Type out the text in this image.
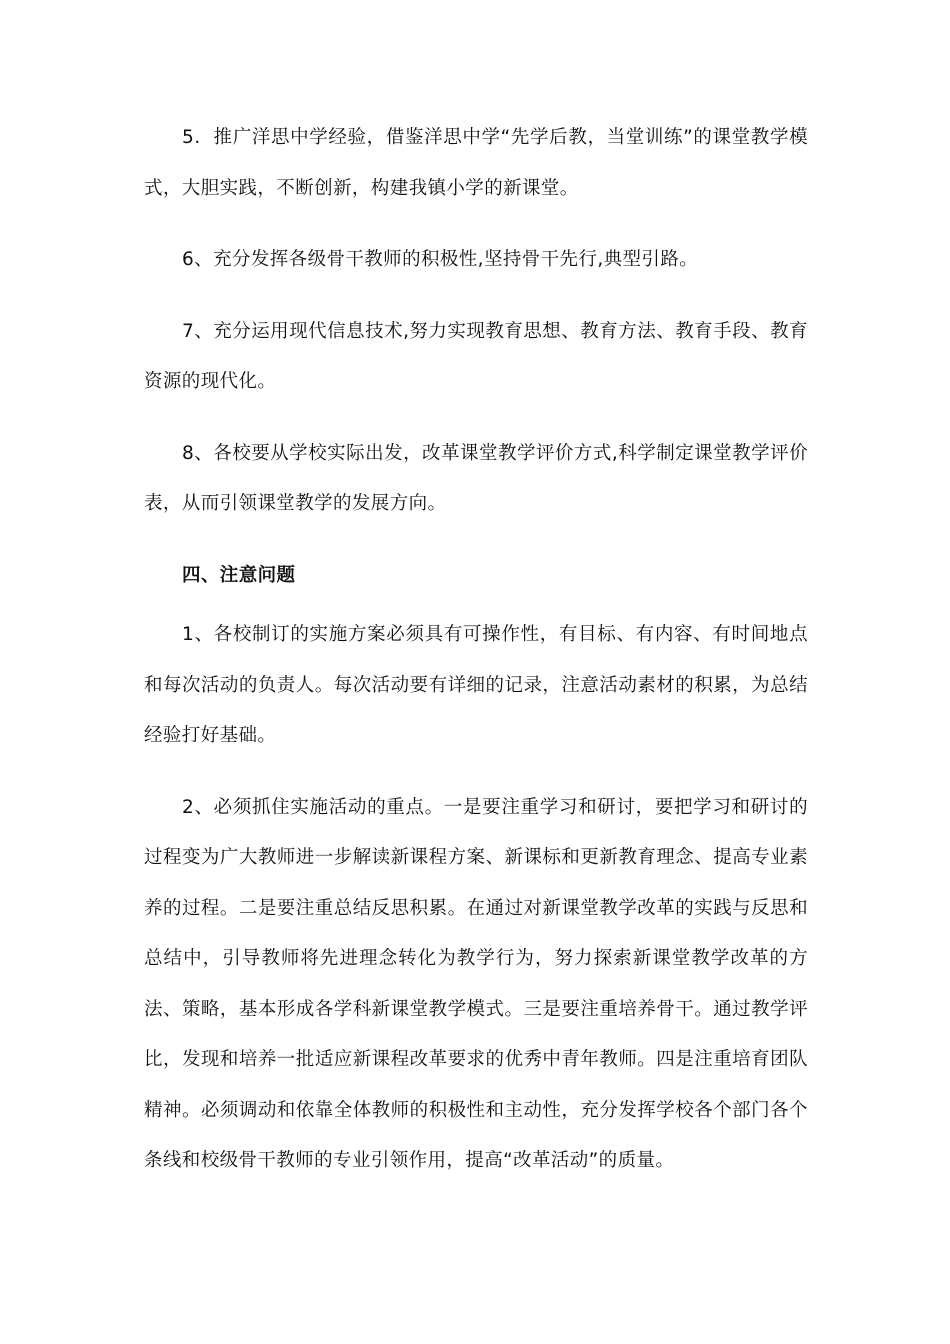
5．推广洋思中学经验，借鉴洋思中学“先学后教，当堂训练”的课堂教学模式，大胆实践，不断创新，构建我镇小学的新课堂。

6、充分发挥各级骨干教师的积极性,坚持骨干先行,典型引路。

7、充分运用现代信息技术,努力实现教育思想、教育方法、教育手段、教育资源的现代化。

8、各校要从学校实际出发，改革课堂教学评价方式,科学制定课堂教学评价表，从而引领课堂教学的发展方向。

四、注意问题

1、各校制订的实施方案必须具有可操作性，有目标、有内容、有时间地点和每次活动的负责人。每次活动要有详细的记录，注意活动素材的积累，为总结经验打好基础。

2、必须抓住实施活动的重点。一是要注重学习和研讨，要把学习和研讨的过程变为广大教师进一步解读新课程方案、新课标和更新教育理念、提高专业素养的过程。二是要注重总结反思积累。在通过对新课堂教学改革的实践与反思和总结中，引导教师将先进理念转化为教学行为，努力探索新课堂教学改革的方法、策略，基本形成各学科新课堂教学模式。三是要注重培养骨干。通过教学评比，发现和培养一批适应新课程改革要求的优秀中青年教师。四是注重培育团队精神。必须调动和依靠全体教师的积极性和主动性，充分发挥学校各个部门各个条线和校级骨干教师的专业引领作用，提高“改革活动”的质量。
